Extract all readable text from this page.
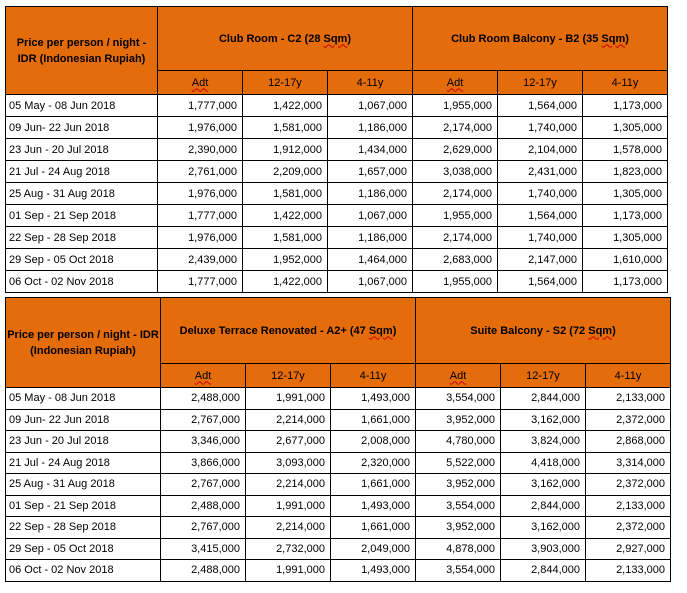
Price per person / night - IDR (Indonesian Rupiah)	Club Room - C2 (28 Sqm)			Club Room Balcony - B2 (35 Sqm)		
	Adt	12-17y	4-11y	Adt	12-17y	4-11y
05 May - 08 Jun 2018	1,777,000	1,422,000	1,067,000	1,955,000	1,564,000	1,173,000
09 Jun- 22 Jun 2018	1,976,000	1,581,000	1,186,000	2,174,000	1,740,000	1,305,000
23 Jun - 20 Jul 2018	2,390,000	1,912,000	1,434,000	2,629,000	2,104,000	1,578,000
21 Jul - 24 Aug 2018	2,761,000	2,209,000	1,657,000	3,038,000	2,431,000	1,823,000
25 Aug - 31 Aug 2018	1,976,000	1,581,000	1,186,000	2,174,000	1,740,000	1,305,000
01 Sep - 21 Sep 2018	1,777,000	1,422,000	1,067,000	1,955,000	1,564,000	1,173,000
22 Sep - 28 Sep 2018	1,976,000	1,581,000	1,186,000	2,174,000	1,740,000	1,305,000
29 Sep - 05 Oct 2018	2,439,000	1,952,000	1,464,000	2,683,000	2,147,000	1,610,000
06 Oct - 02 Nov 2018	1,777,000	1,422,000	1,067,000	1,955,000	1,564,000	1,173,000
Price per person / night - IDR (Indonesian Rupiah)	Deluxe Terrace Renovated - A2+ (47 Sqm)			Suite Balcony - S2 (72 Sqm)		
	Adt	12-17y	4-11y	Adt	12-17y	4-11y
05 May - 08 Jun 2018	2,488,000	1,991,000	1,493,000	3,554,000	2,844,000	2,133,000
09 Jun- 22 Jun 2018	2,767,000	2,214,000	1,661,000	3,952,000	3,162,000	2,372,000
23 Jun - 20 Jul 2018	3,346,000	2,677,000	2,008,000	4,780,000	3,824,000	2,868,000
21 Jul - 24 Aug 2018	3,866,000	3,093,000	2,320,000	5,522,000	4,418,000	3,314,000
25 Aug - 31 Aug 2018	2,767,000	2,214,000	1,661,000	3,952,000	3,162,000	2,372,000
01 Sep - 21 Sep 2018	2,488,000	1,991,000	1,493,000	3,554,000	2,844,000	2,133,000
22 Sep - 28 Sep 2018	2,767,000	2,214,000	1,661,000	3,952,000	3,162,000	2,372,000
29 Sep - 05 Oct 2018	3,415,000	2,732,000	2,049,000	4,878,000	3,903,000	2,927,000
06 Oct - 02 Nov 2018	2,488,000	1,991,000	1,493,000	3,554,000	2,844,000	2,133,000
